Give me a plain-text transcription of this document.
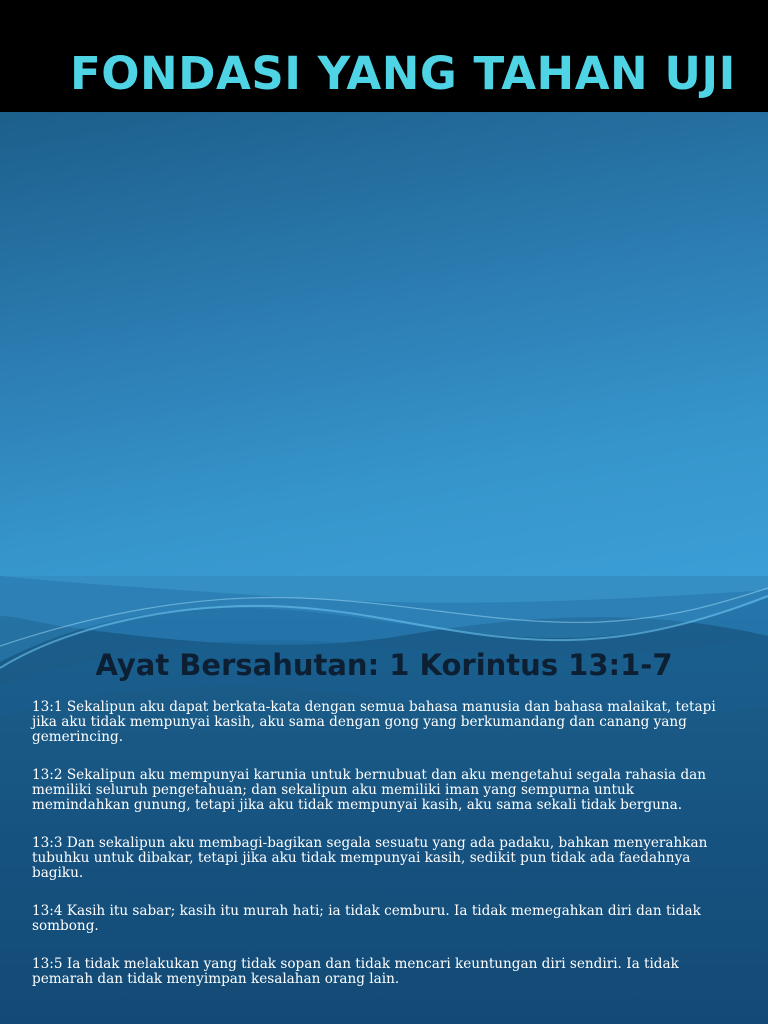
FONDASI YANG TAHAN UJI
Ayat Bersahutan: 1 Korintus 13:1-7

13:1 Sekalipun aku dapat berkata-kata dengan semua bahasa manusia dan bahasa malaikat, tetapi jika aku tidak mempunyai kasih, aku sama dengan gong yang berkumandang dan canang yang gemerincing.

13:2 Sekalipun aku mempunyai karunia untuk bernubuat dan aku mengetahui segala rahasia dan memiliki seluruh pengetahuan; dan sekalipun aku memiliki iman yang sempurna untuk memindahkan gunung, tetapi jika aku tidak mempunyai kasih, aku sama sekali tidak berguna.

13:3 Dan sekalipun aku membagi-bagikan segala sesuatu yang ada padaku, bahkan menyerahkan tubuhku untuk dibakar, tetapi jika aku tidak mempunyai kasih, sedikit pun tidak ada faedahnya bagiku.

13:4 Kasih itu sabar; kasih itu murah hati; ia tidak cemburu. Ia tidak memegahkan diri dan tidak sombong.

13:5 Ia tidak melakukan yang tidak sopan dan tidak mencari keuntungan diri sendiri. Ia tidak pemarah dan tidak menyimpan kesalahan orang lain.
